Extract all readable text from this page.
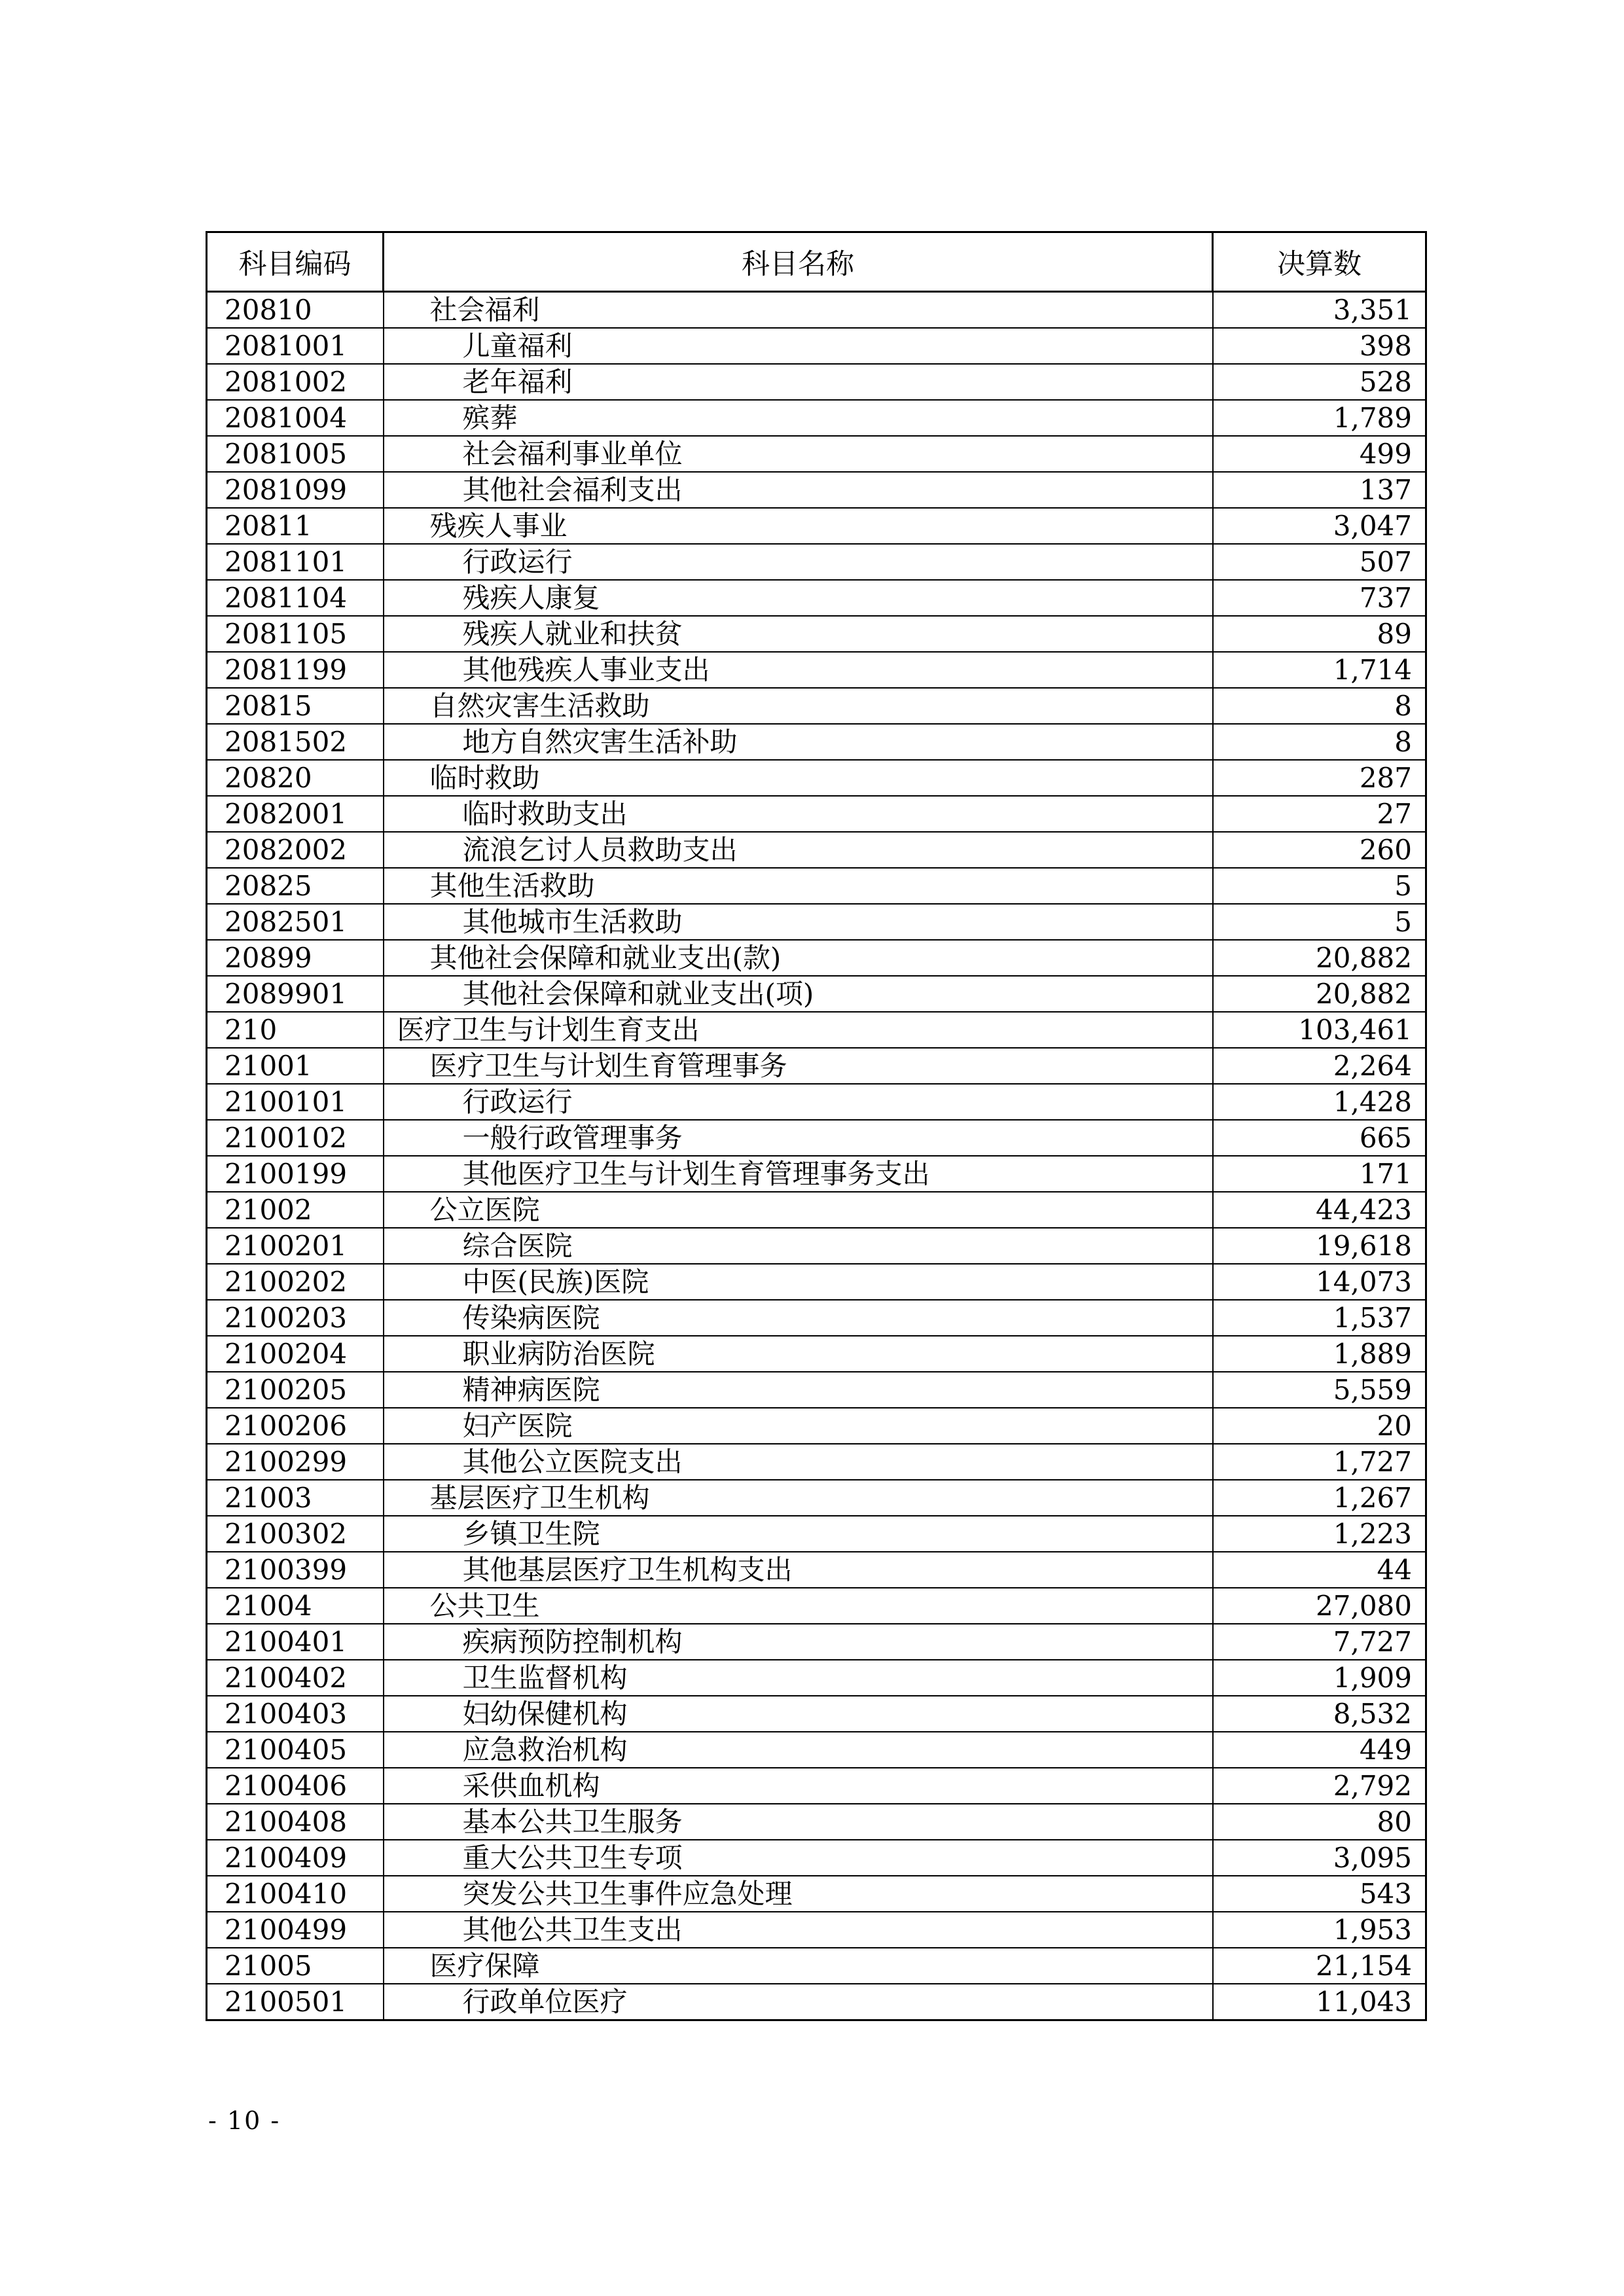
科目编码	科目名称	决算数
20810	社会福利	3,351
2081001	儿童福利	398
2081002	老年福利	528
2081004	殡葬	1,789
2081005	社会福利事业单位	499
2081099	其他社会福利支出	137
20811	残疾人事业	3,047
2081101	行政运行	507
2081104	残疾人康复	737
2081105	残疾人就业和扶贫	89
2081199	其他残疾人事业支出	1,714
20815	自然灾害生活救助	8
2081502	地方自然灾害生活补助	8
20820	临时救助	287
2082001	临时救助支出	27
2082002	流浪乞讨人员救助支出	260
20825	其他生活救助	5
2082501	其他城市生活救助	5
20899	其他社会保障和就业支出(款)	20,882
2089901	其他社会保障和就业支出(项)	20,882
210	医疗卫生与计划生育支出	103,461
21001	医疗卫生与计划生育管理事务	2,264
2100101	行政运行	1,428
2100102	一般行政管理事务	665
2100199	其他医疗卫生与计划生育管理事务支出	171
21002	公立医院	44,423
2100201	综合医院	19,618
2100202	中医(民族)医院	14,073
2100203	传染病医院	1,537
2100204	职业病防治医院	1,889
2100205	精神病医院	5,559
2100206	妇产医院	20
2100299	其他公立医院支出	1,727
21003	基层医疗卫生机构	1,267
2100302	乡镇卫生院	1,223
2100399	其他基层医疗卫生机构支出	44
21004	公共卫生	27,080
2100401	疾病预防控制机构	7,727
2100402	卫生监督机构	1,909
2100403	妇幼保健机构	8,532
2100405	应急救治机构	449
2100406	采供血机构	2,792
2100408	基本公共卫生服务	80
2100409	重大公共卫生专项	3,095
2100410	突发公共卫生事件应急处理	543
2100499	其他公共卫生支出	1,953
21005	医疗保障	21,154
2100501	行政单位医疗	11,043
- 10 -
